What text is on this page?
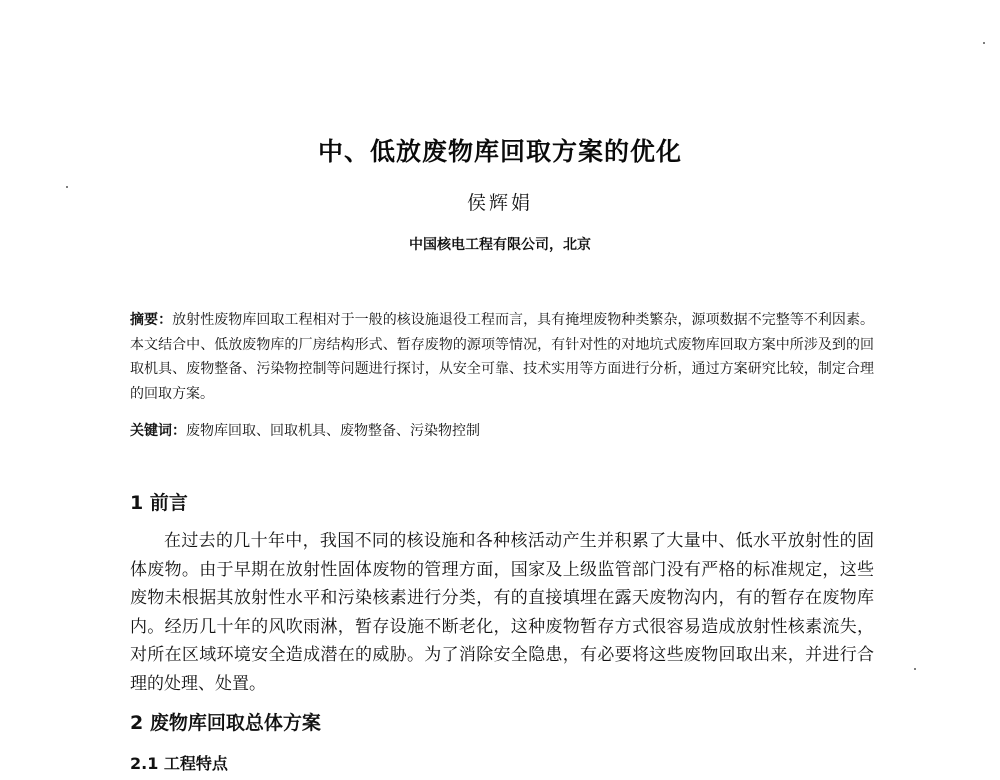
中、低放废物库回取方案的优化
侯辉娟
中国核电工程有限公司，北京
摘要：放射性废物库回取工程相对于一般的核设施退役工程而言，具有掩埋废物种类繁杂，源项数据不完整等不利因素。本文结合中、低放废物库的厂房结构形式、暂存废物的源项等情况，有针对性的对地坑式废物库回取方案中所涉及到的回取机具、废物整备、污染物控制等问题进行探讨，从安全可靠、技术实用等方面进行分析，通过方案研究比较，制定合理的回取方案。
关键词：废物库回取、回取机具、废物整备、污染物控制
1 前言
在过去的几十年中，我国不同的核设施和各种核活动产生并积累了大量中、低水平放射性的固体废物。由于早期在放射性固体废物的管理方面，国家及上级监管部门没有严格的标准规定，这些废物未根据其放射性水平和污染核素进行分类，有的直接填埋在露天废物沟内，有的暂存在废物库内。经历几十年的风吹雨淋，暂存设施不断老化，这种废物暂存方式很容易造成放射性核素流失，对所在区域环境安全造成潜在的威胁。为了消除安全隐患，有必要将这些废物回取出来，并进行合理的处理、处置。
2 废物库回取总体方案
2.1 工程特点
